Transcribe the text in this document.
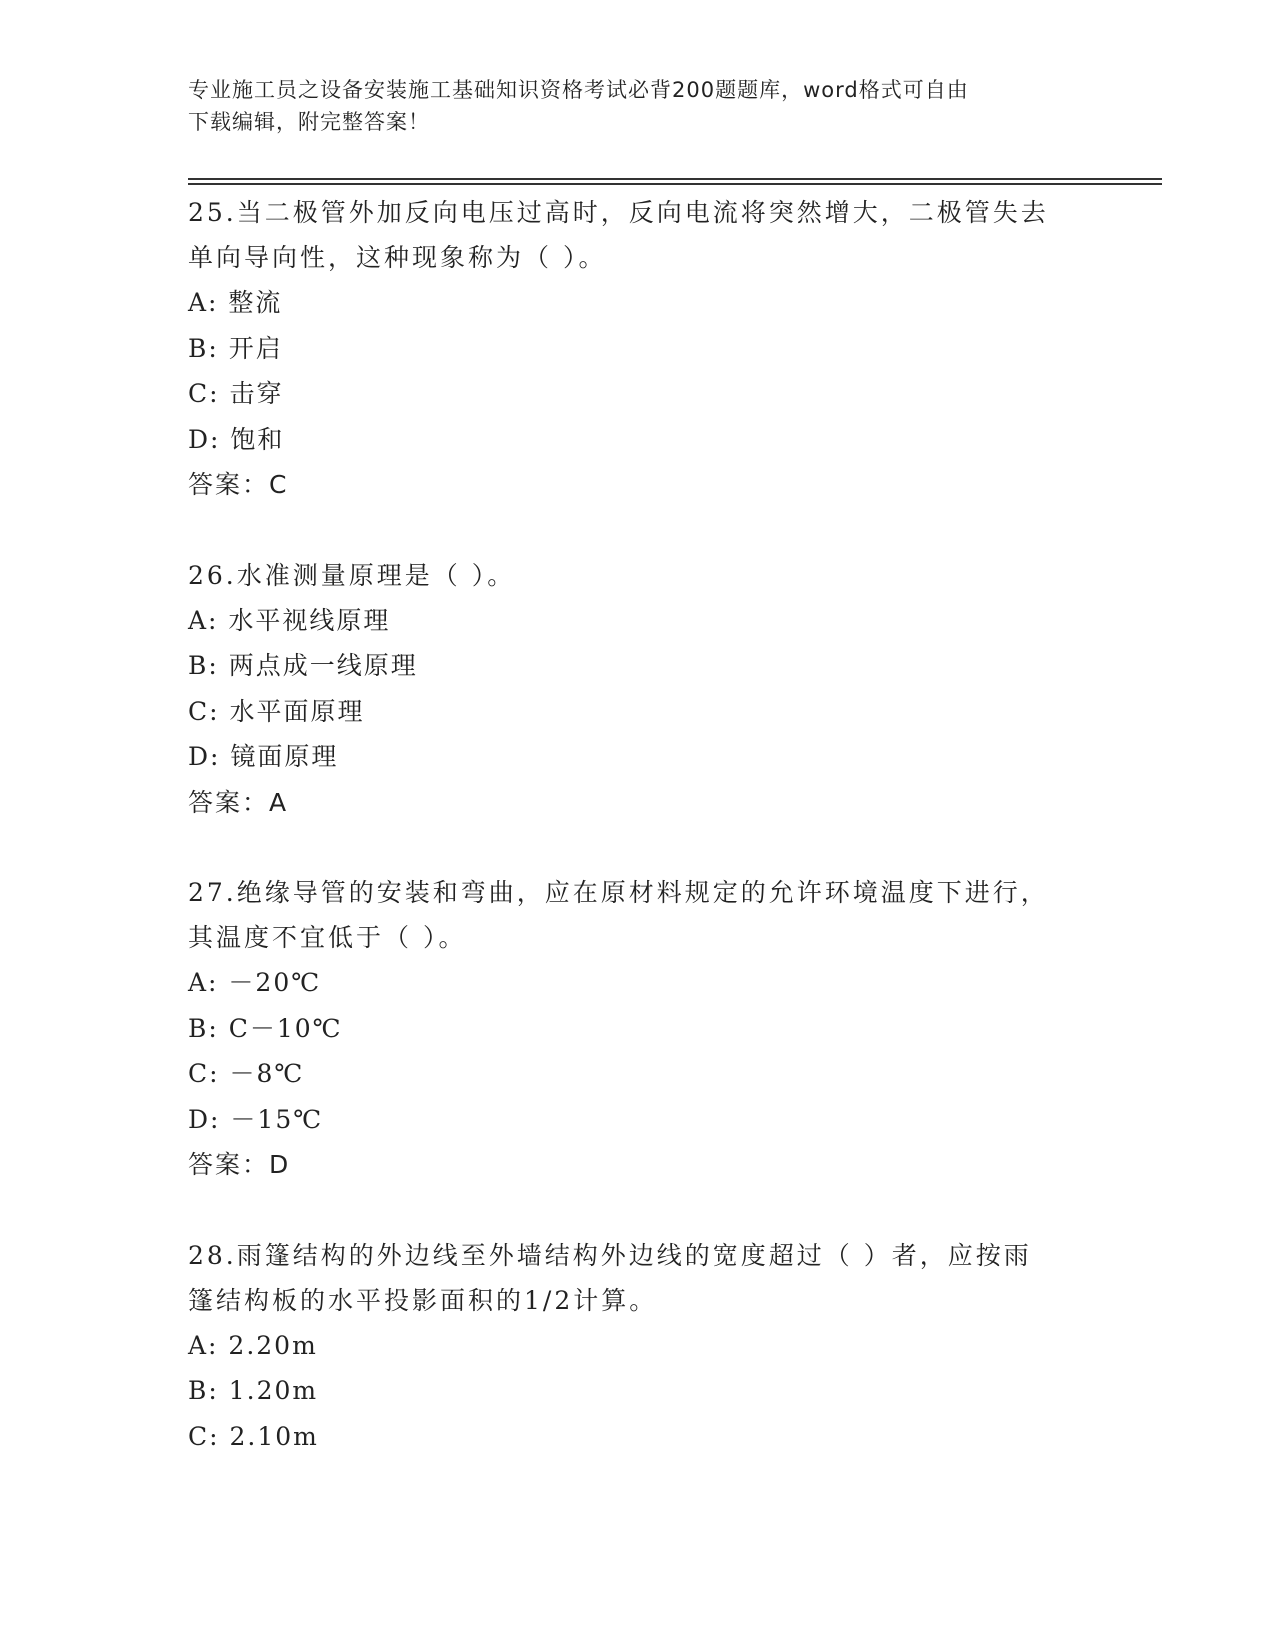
专业施工员之设备安装施工基础知识资格考试必背200题题库，word格式可自由
下载编辑，附完整答案！

25.当二极管外加反向电压过高时，反向电流将突然增大，二极管失去

单向导向性，这种现象称为（ ）。

A: 整流

B: 开启

C: 击穿

D: 饱和

答案：C

26.水准测量原理是（ ）。

A: 水平视线原理

B: 两点成一线原理

C: 水平面原理

D: 镜面原理

答案：A

27.绝缘导管的安装和弯曲，应在原材料规定的允许环境温度下进行，

其温度不宜低于（ ）。

A: －20℃

B: C－10℃

C: －8℃

D: －15℃

答案：D

28.雨篷结构的外边线至外墙结构外边线的宽度超过（ ）者，应按雨

篷结构板的水平投影面积的1/2计算。

A: 2.20m

B: 1.20m

C: 2.10m
